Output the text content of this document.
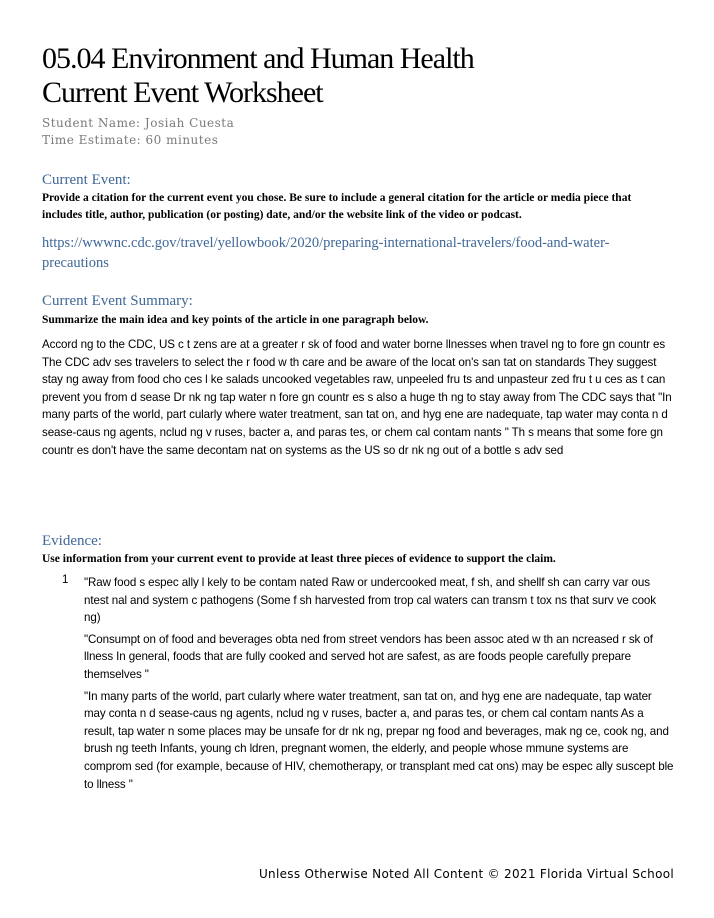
05.04 Environment and Human Health
Current Event Worksheet
Student Name: Josiah Cuesta
Time Estimate: 60 minutes
Current Event:
Provide a citation for the current event you chose. Be sure to include a general citation for the article or media piece that includes title, author, publication (or posting) date, and/or the website link of the video or podcast.
https://wwwnc.cdc.gov/travel/yellowbook/2020/preparing-international-travelers/food-and-water-precautions
Current Event Summary:
Summarize the main idea and key points of the article in one paragraph below.
Accord ng to the CDC, US c t zens are at a greater r sk of food and water borne llnesses when travel ng to fore gn countr es The CDC adv ses travelers to select the r food w th care and be aware of the locat on's san tat on standards They suggest stay ng away from food cho ces l ke salads uncooked vegetables raw, unpeeled fru ts and unpasteur zed fru t u ces as t can prevent you from d sease Dr nk ng tap water n fore gn countr es s also a huge th ng to stay away from The CDC says that "In many parts of the world, part cularly where water treatment, san tat on, and hyg ene are nadequate, tap water may conta n d sease-caus ng agents, nclud ng v ruses, bacter a, and paras tes, or chem cal contam nants " Th s means that some fore gn countr es don't have the same decontam nat on systems as the US so dr nk ng out of a bottle s adv sed
Evidence:
Use information from your current event to provide at least three pieces of evidence to support the claim.
1 "Raw food s espec ally l kely to be contam nated Raw or undercooked meat, f sh, and shellf sh can carry var ous ntest nal and system c pathogens (Some f sh harvested from trop cal waters can transm t tox ns that surv ve cook ng)
"Consumpt on of food and beverages obta ned from street vendors has been assoc ated w th an ncreased r sk of llness In general, foods that are fully cooked and served hot are safest, as are foods people carefully prepare themselves "
"In many parts of the world, part cularly where water treatment, san tat on, and hyg ene are nadequate, tap water may conta n d sease-caus ng agents, nclud ng v ruses, bacter a, and paras tes, or chem cal contam nants As a result, tap water n some places may be unsafe for dr nk ng, prepar ng food and beverages, mak ng ce, cook ng, and brush ng teeth Infants, young ch ldren, pregnant women, the elderly, and people whose mmune systems are comprom sed (for example, because of HIV, chemotherapy, or transplant med cat ons) may be espec ally suscept ble to llness "
Unless Otherwise Noted All Content © 2021 Florida Virtual School
